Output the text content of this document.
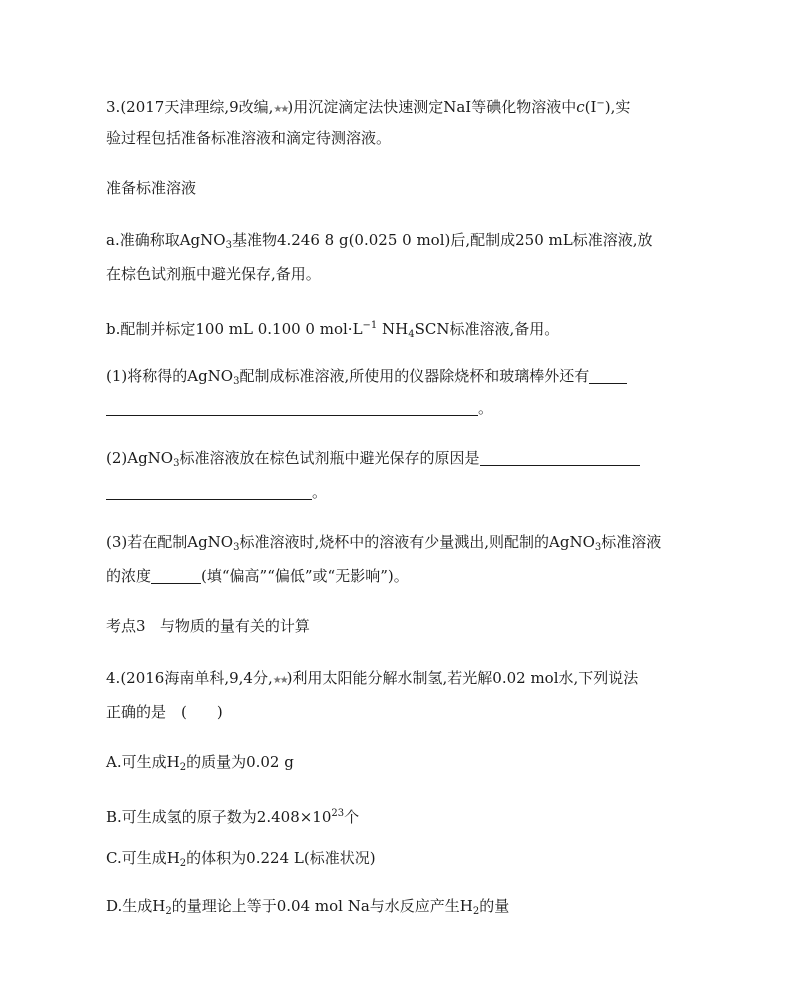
3.(2017天津理综,9改编,★★)用沉淀滴定法快速测定NaI等碘化物溶液中c(I−),实
验过程包括准备标准溶液和滴定待测溶液。
准备标准溶液
a.准确称取AgNO$_3$基准物4.246 8 g(0.025 0 mol)后,配制成250 mL标准溶液,放
在棕色试剂瓶中避光保存,备用。
b.配制并标定100 mL 0.100 0 $mol\cdot L^{-1}$ $NH_4SCN$标准溶液,备用。
(1)将称得的AgNO$_3$配制成标准溶液,所使用的仪器除烧杯和玻璃棒外还有
。
(2)AgNO$_3$标准溶液放在棕色试剂瓶中避光保存的原因是
。
(3)若在配制AgNO$_3$标准溶液时,烧杯中的溶液有少量溅出,则配制的AgNO$_3$标准溶液
的浓度	(填“偏高”“偏低”或“无影响”)。
考点3 与物质的量有关的计算
4.(2016海南单科,9,4分,★★)利用太阳能分解水制氢,若光解0.02 mol水,下列说法
正确的是　(　　)
A.可生成$H_2$的质量为0.02 g
B.可生成氢的原子数为$2.408\times 10^{23}$个
C.可生成$H_2$的体积为0.224 L(标准状况)
D.生成$H_2$的量理论上等于0.04 mol Na与水反应产生$H_2$的量
